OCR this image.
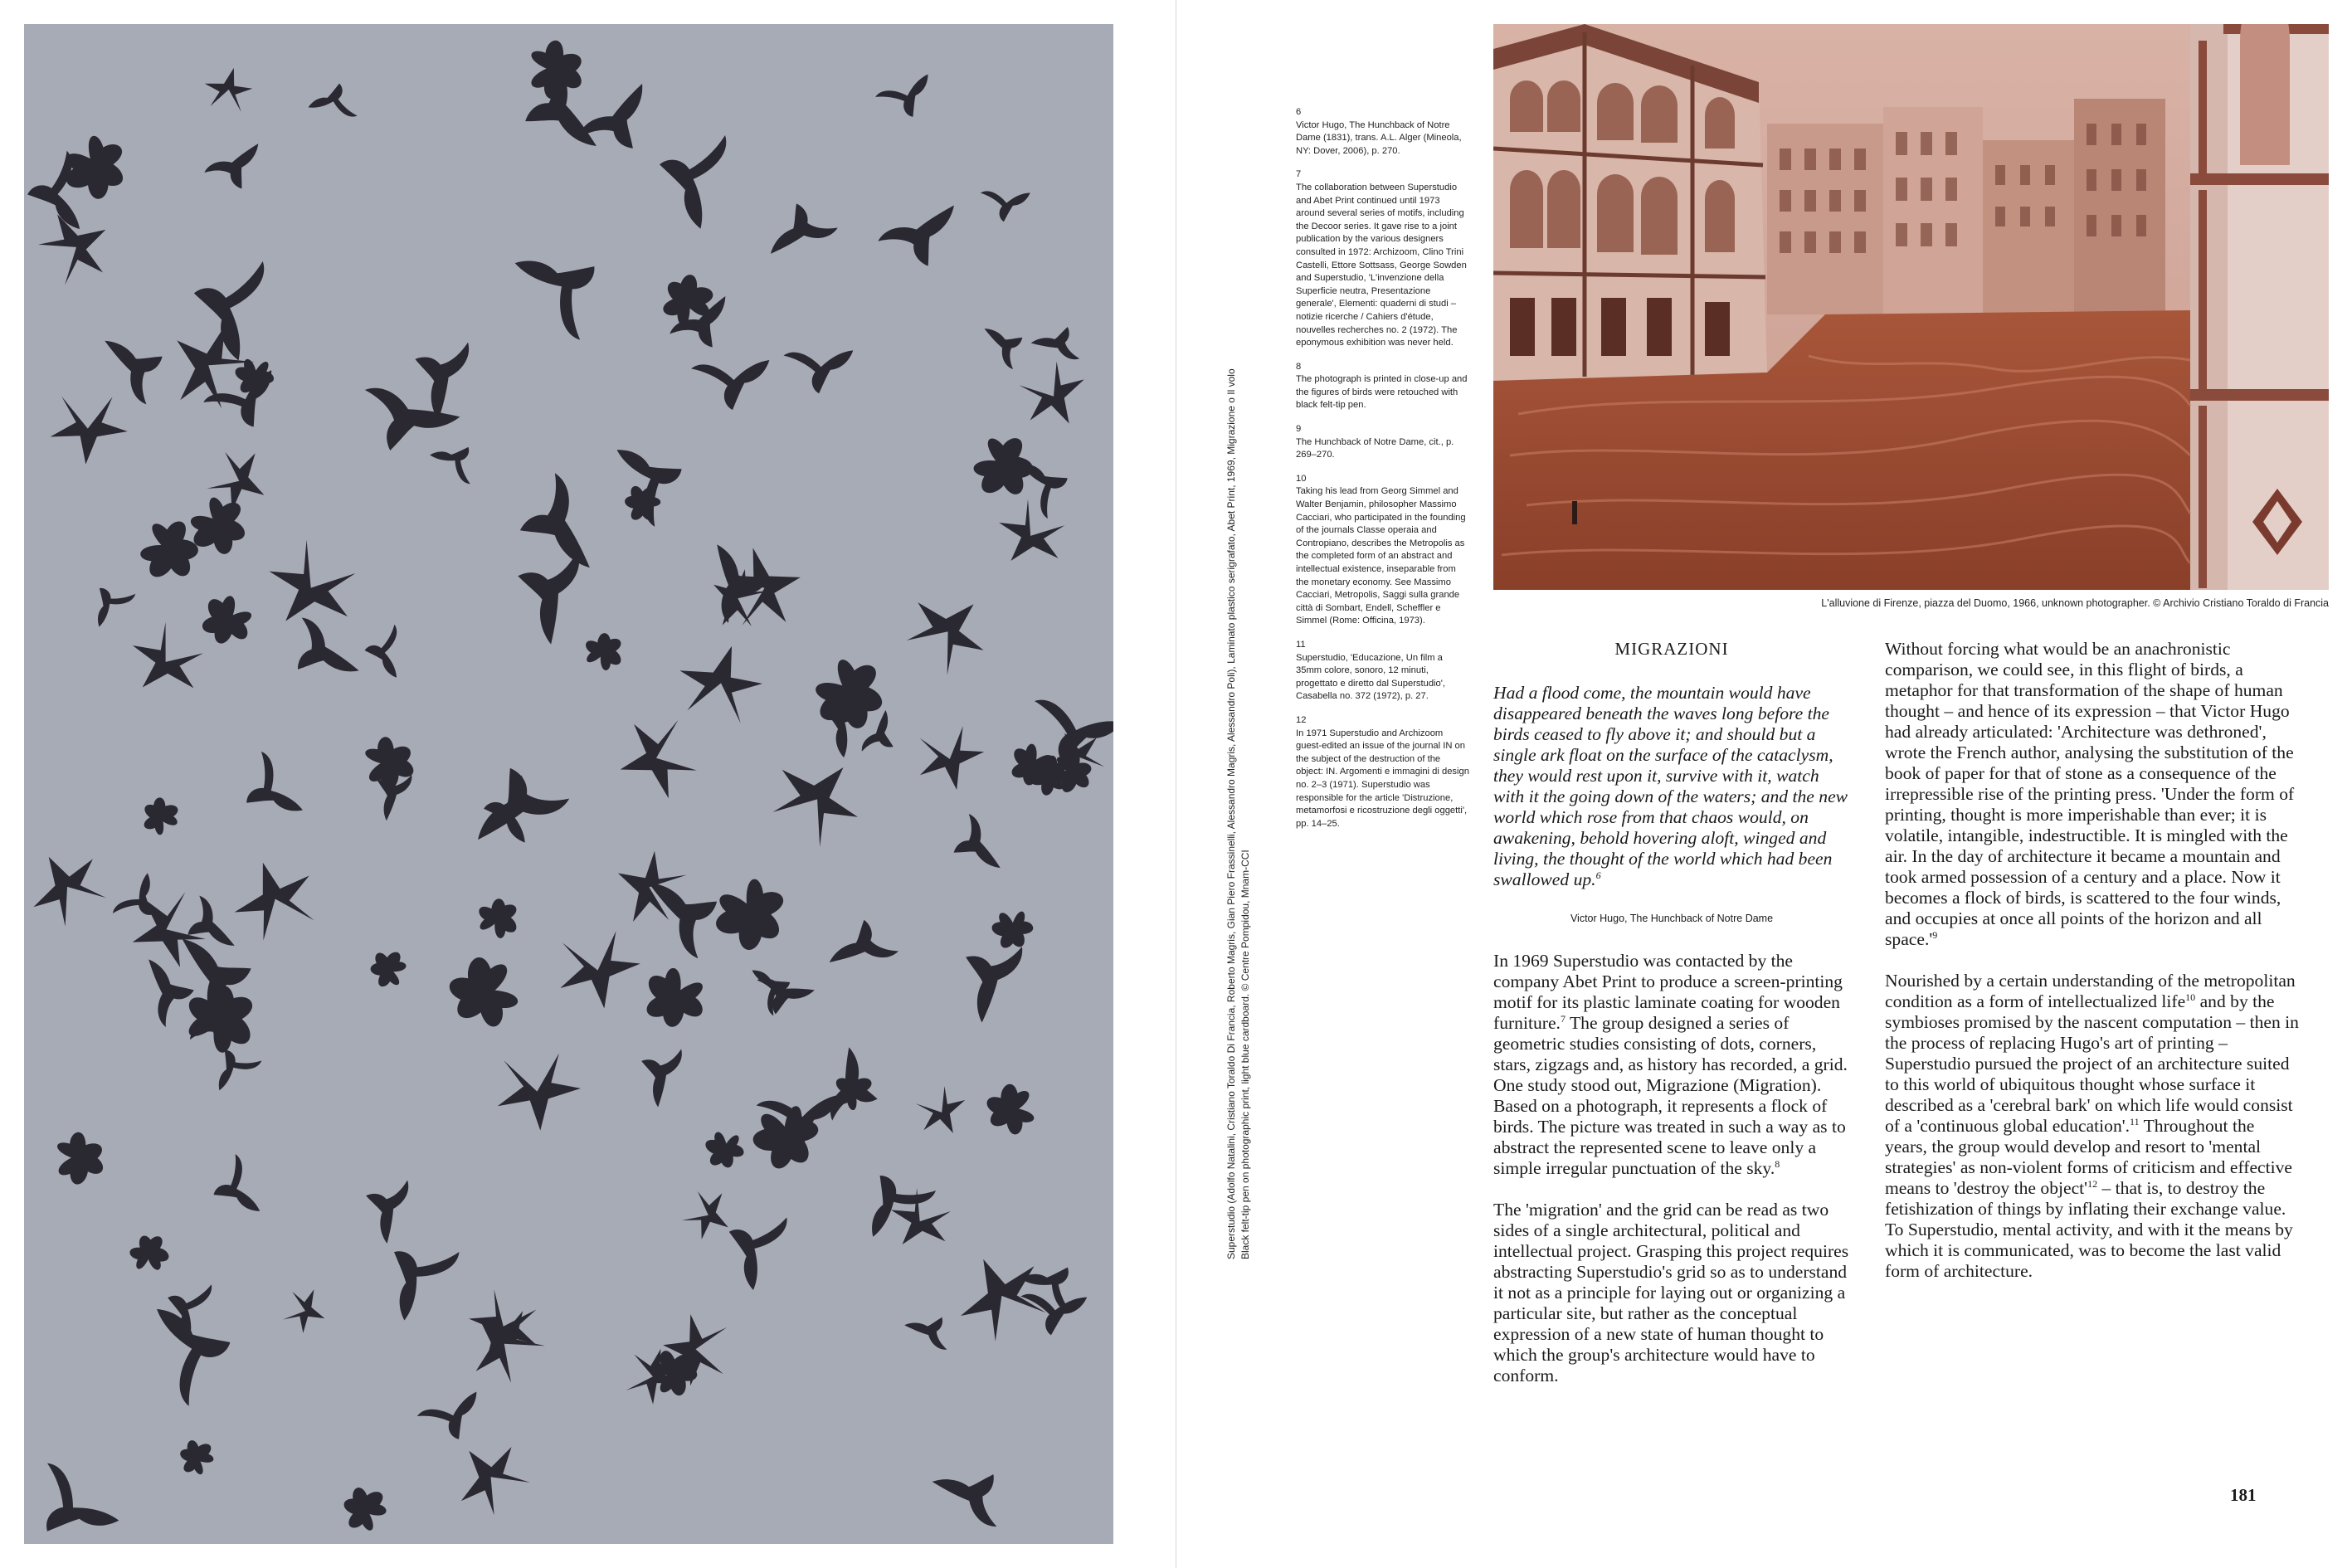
Superstudio (Adolfo Natalini, Cristiano Toraldo Di Francia, Roberto Magris, Gian Piero Frassinelli, Alessandro Magris, Alessandro Poli), Laminato plastico serigrafato, Abet Print, 1969, Migrazione o Il volo Black felt-tip pen on photographic print, light blue cardboard. © Centre Pompidou, Mnam-CCI
6
Victor Hugo, The Hunchback of Notre Dame (1831), trans. A.L. Alger (Mineola, NY: Dover, 2006), p. 270.
7
The collaboration between Superstudio and Abet Print continued until 1973 around several series of motifs, including the Decoor series. It gave rise to a joint publication by the various designers consulted in 1972: Archizoom, Clino Trini Castelli, Ettore Sottsass, George Sowden and Superstudio, 'L'invenzione della Superficie neutra, Presentazione generale', Elementi: quaderni di studi – notizie ricerche / Cahiers d'étude, nouvelles recherches no. 2 (1972). The eponymous exhibition was never held.
8
The photograph is printed in close-up and the figures of birds were retouched with black felt-tip pen.
9
The Hunchback of Notre Dame, cit., p. 269–270.
10
Taking his lead from Georg Simmel and Walter Benjamin, philosopher Massimo Cacciari, who participated in the founding of the journals Classe operaia and Contropiano, describes the Metropolis as the completed form of an abstract and intellectual existence, inseparable from the monetary economy. See Massimo Cacciari, Metropolis, Saggi sulla grande città di Sombart, Endell, Scheffler e Simmel (Rome: Officina, 1973).
11
Superstudio, 'Educazione, Un film a 35mm colore, sonoro, 12 minuti, progettato e diretto dal Superstudio', Casabella no. 372 (1972), p. 27.
12
In 1971 Superstudio and Archizoom guest-edited an issue of the journal IN on the subject of the destruction of the object: IN. Argomenti e immagini di design no. 2–3 (1971). Superstudio was responsible for the article 'Distruzione, metamorfosi e ricostruzione degli oggetti', pp. 14–25.
L'alluvione di Firenze, piazza del Duomo, 1966, unknown photographer. © Archivio Cristiano Toraldo di Francia
MIGRAZIONI

Had a flood come, the mountain would have disappeared beneath the waves long before the birds ceased to fly above it; and should but a single ark float on the surface of the cataclysm, they would rest upon it, survive with it, watch with it the going down of the waters; and the new world which rose from that chaos would, on awakening, behold hovering aloft, winged and living, the thought of the world which had been swallowed up.$^6$

Victor Hugo, The Hunchback of Notre Dame

In 1969 Superstudio was contacted by the company Abet Print to produce a screen-printing motif for its plastic laminate coating for wooden furniture.$^7$ The group designed a series of geometric studies consisting of dots, corners, stars, zigzags and, as history has recorded, a grid. One study stood out, Migrazione (Migration). Based on a photograph, it represents a flock of birds. The picture was treated in such a way as to abstract the represented scene to leave only a simple irregular punctuation of the sky.$^8$

The 'migration' and the grid can be read as two sides of a single architectural, political and intellectual project. Grasping this project requires abstracting Superstudio's grid so as to understand it not as a principle for laying out or organizing a particular site, but rather as the conceptual expression of a new state of human thought to which the group's architecture would have to conform.

Without forcing what would be an anachronistic comparison, we could see, in this flight of birds, a metaphor for that transformation of the shape of human thought – and hence of its expression – that Victor Hugo had already articulated: 'Architecture was dethroned', wrote the French author, analysing the substitution of the book of paper for that of stone as a consequence of the irrepressible rise of the printing press. 'Under the form of printing, thought is more imperishable than ever; it is volatile, intangible, indestructible. It is mingled with the air. In the day of architecture it became a mountain and took armed possession of a century and a place. Now it becomes a flock of birds, is scattered to the four winds, and occupies at once all points of the horizon and all space.'$^9$

Nourished by a certain understanding of the metropolitan condition as a form of intellectualized life$^{10}$ and by the symbioses promised by the nascent computation – then in the process of replacing Hugo's art of printing – Superstudio pursued the project of an architecture suited to this world of ubiquitous thought whose surface it described as a 'cerebral bark' on which life would consist of a 'continuous global education'.$^{11}$ Throughout the years, the group would develop and resort to 'mental strategies' as non-violent forms of criticism and effective means to 'destroy the object'$^{12}$ – that is, to destroy the fetishization of things by inflating their exchange value. To Superstudio, mental activity, and with it the means by which it is communicated, was to become the last valid form of architecture.

181
